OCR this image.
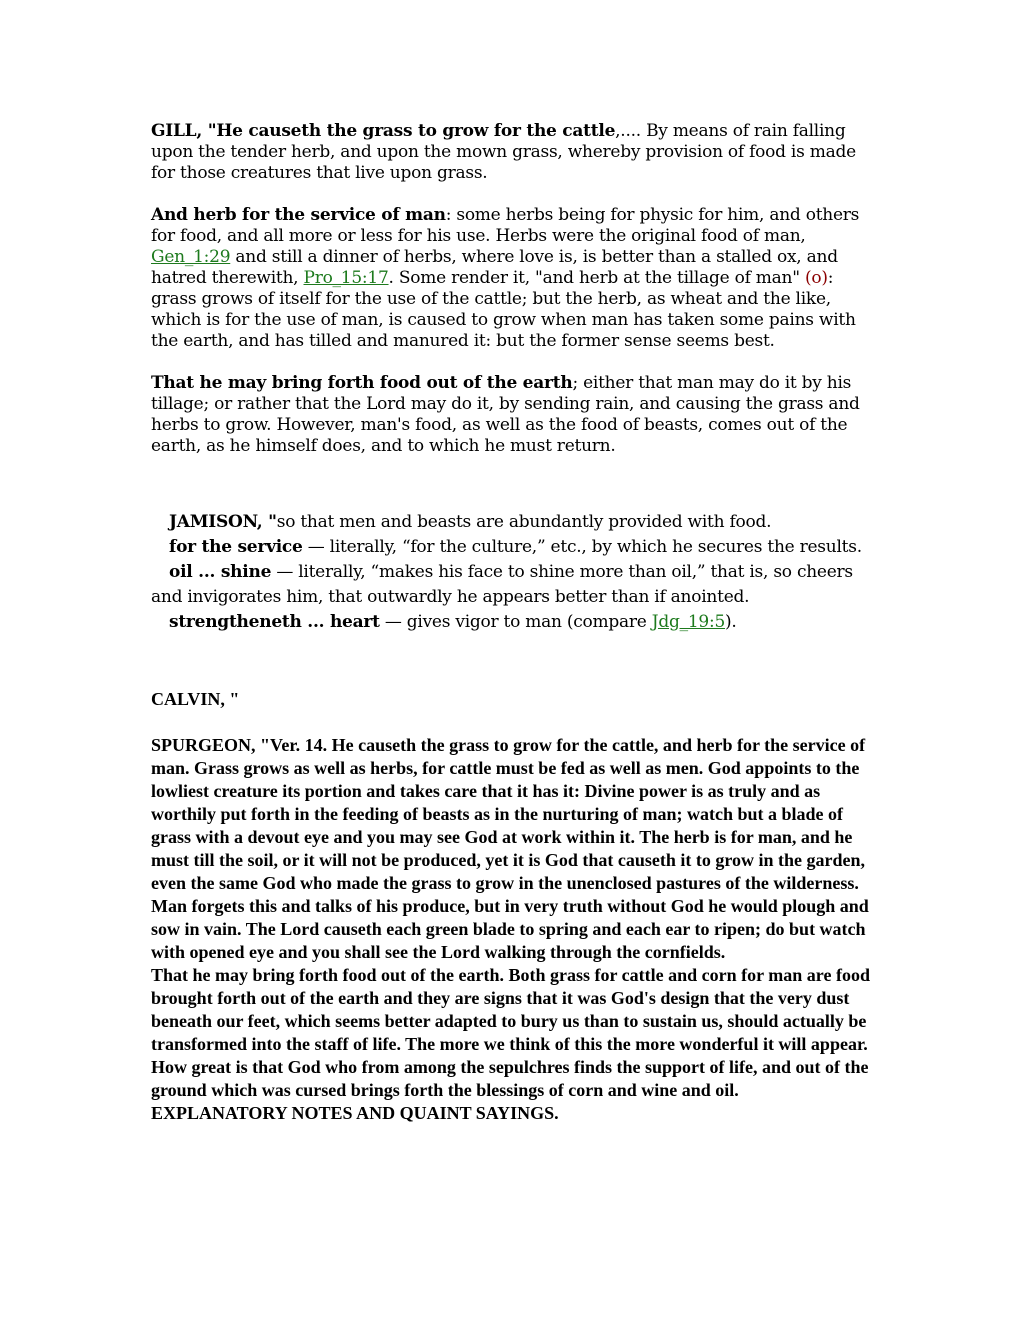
GILL, "He causeth the grass to grow for the cattle,.... By means of rain falling upon the tender herb, and upon the mown grass, whereby provision of food is made for those creatures that live upon grass.

And herb for the service of man: some herbs being for physic for him, and others for food, and all more or less for his use. Herbs were the original food of man, Gen_1:29 and still a dinner of herbs, where love is, is better than a stalled ox, and hatred therewith, Pro_15:17. Some render it, "and herb at the tillage of man" (o): grass grows of itself for the use of the cattle; but the herb, as wheat and the like, which is for the use of man, is caused to grow when man has taken some pains with the earth, and has tilled and manured it: but the former sense seems best.

That he may bring forth food out of the earth; either that man may do it by his tillage; or rather that the Lord may do it, by sending rain, and causing the grass and herbs to grow. However, man's food, as well as the food of beasts, comes out of the earth, as he himself does, and to which he must return.

JAMISON, "so that men and beasts are abundantly provided with food.

for the service — literally, “for the culture,” etc., by which he secures the results.

oil ... shine — literally, “makes his face to shine more than oil,” that is, so cheers and invigorates him, that outwardly he appears better than if anointed.

strengtheneth ... heart — gives vigor to man (compare Jdg_19:5).

CALVIN, "

SPURGEON, "Ver. 14. He causeth the grass to grow for the cattle, and herb for the service of man. Grass grows as well as herbs, for cattle must be fed as well as men. God appoints to the lowliest creature its portion and takes care that it has it: Divine power is as truly and as worthily put forth in the feeding of beasts as in the nurturing of man; watch but a blade of grass with a devout eye and you may see God at work within it. The herb is for man, and he must till the soil, or it will not be produced, yet it is God that causeth it to grow in the garden, even the same God who made the grass to grow in the unenclosed pastures of the wilderness. Man forgets this and talks of his produce, but in very truth without God he would plough and sow in vain. The Lord causeth each green blade to spring and each ear to ripen; do but watch with opened eye and you shall see the Lord walking through the cornfields.

That he may bring forth food out of the earth. Both grass for cattle and corn for man are food brought forth out of the earth and they are signs that it was God's design that the very dust beneath our feet, which seems better adapted to bury us than to sustain us, should actually be transformed into the staff of life. The more we think of this the more wonderful it will appear. How great is that God who from among the sepulchres finds the support of life, and out of the ground which was cursed brings forth the blessings of corn and wine and oil.

EXPLANATORY NOTES AND QUAINT SAYINGS.
